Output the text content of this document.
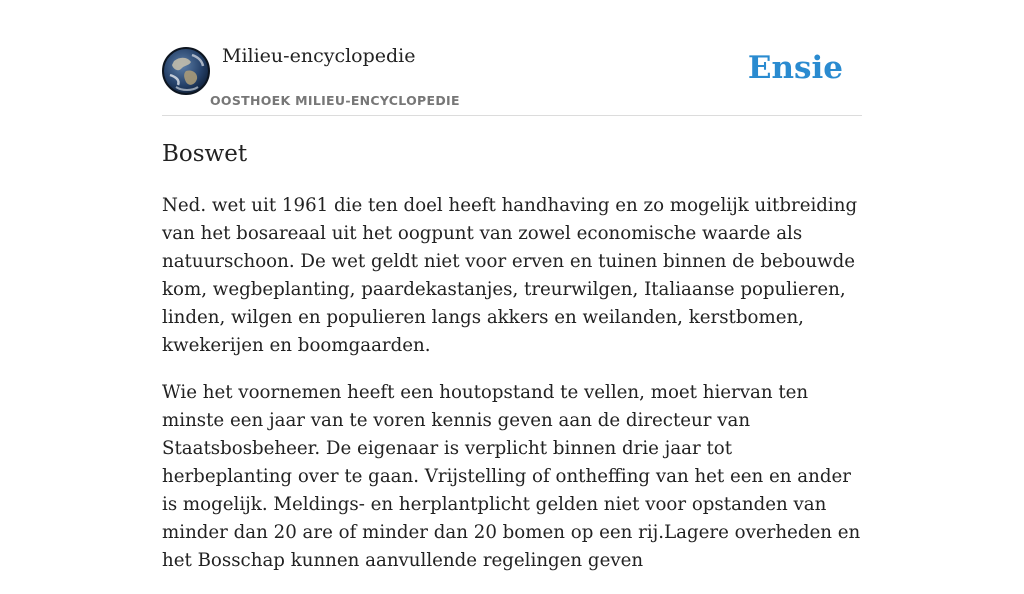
Milieu-encyclopedie
OOSTHOEK MILIEU-ENCYCLOPEDIE
Ensie
Boswet

Ned. wet uit 1961 die ten doel heeft handhaving en zo mogelijk uitbreiding van het bosareaal uit het oogpunt van zowel economische waarde als natuurschoon. De wet geldt niet voor erven en tuinen binnen de bebouwde kom, wegbeplanting, paardekastanjes, treurwilgen, Italiaanse populieren, linden, wilgen en populieren langs akkers en weilanden, kerstbomen, kwekerijen en boomgaarden.

Wie het voornemen heeft een houtopstand te vellen, moet hiervan ten minste een jaar van te voren kennis geven aan de directeur van Staatsbosbeheer. De eigenaar is verplicht binnen drie jaar tot herbeplanting over te gaan. Vrijstelling of ontheffing van het een en ander is mogelijk. Meldings- en herplantplicht gelden niet voor opstanden van minder dan 20 are of minder dan 20 bomen op een rij.Lagere overheden en het Bosschap kunnen aanvullende regelingen geven
